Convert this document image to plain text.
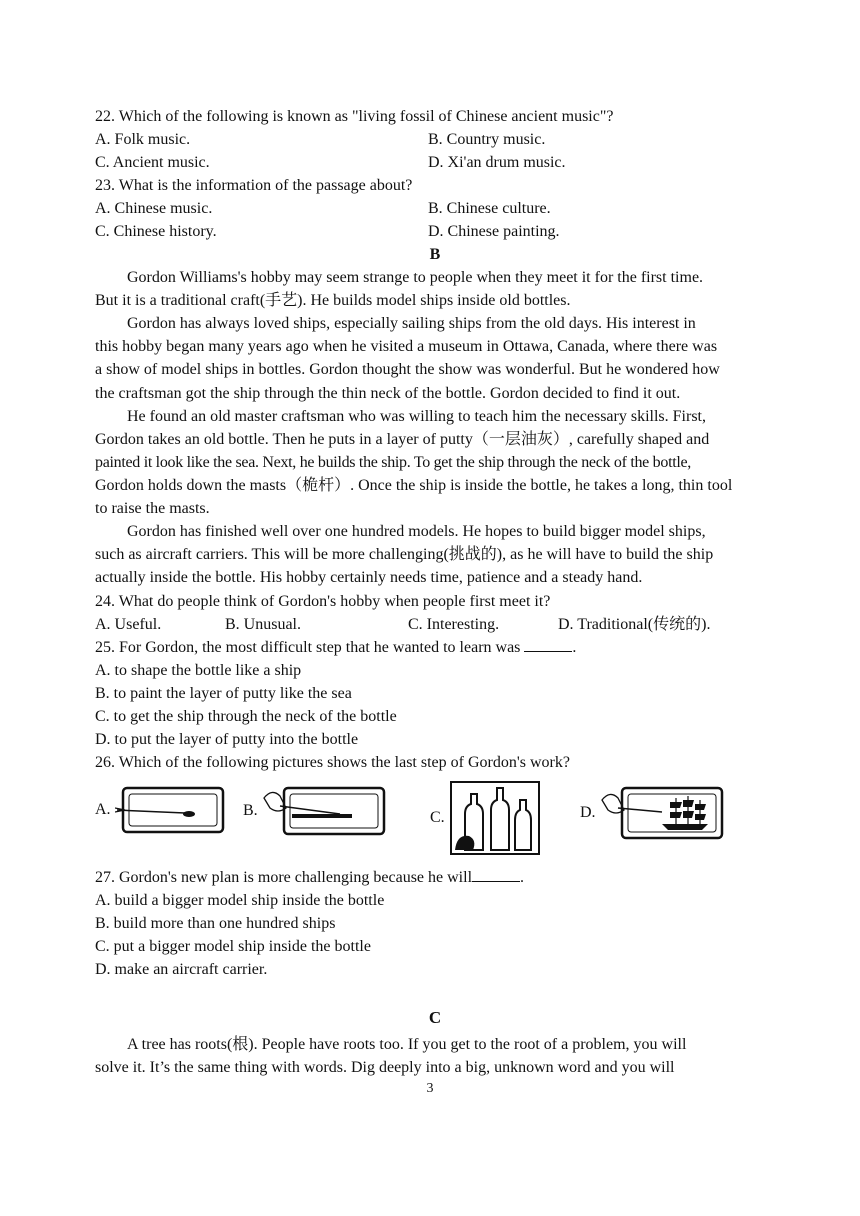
22. Which of the following is known as "living fossil of Chinese ancient music"?
A. Folk music.	B. Country music.
C. Ancient music.	D. Xi'an drum music.
23. What is the information of the passage about?
A. Chinese music.	B. Chinese culture.
C. Chinese history.	D. Chinese painting.
B
Gordon Williams's hobby may seem strange to people when they meet it for the first time.
But it is a traditional craft(手艺). He builds model ships inside old bottles.
Gordon has always loved ships, especially sailing ships from the old days. His interest in
this hobby began many years ago when he visited a museum in Ottawa, Canada, where there was
a show of model ships in bottles. Gordon thought the show was wonderful. But he wondered how
the craftsman got the ship through the thin neck of the bottle. Gordon decided to find it out.
He found an old master craftsman who was willing to teach him the necessary skills. First,
Gordon takes an old bottle. Then he puts in a layer of putty（一层油灰）, carefully shaped and
painted it look like the sea. Next, he builds the ship. To get the ship through the neck of the bottle,
Gordon holds down the masts（桅杆）. Once the ship is inside the bottle, he takes a long, thin tool
to raise the masts.
Gordon has finished well over one hundred models. He hopes to build bigger model ships,
such as aircraft carriers. This will be more challenging(挑战的), as he will have to build the ship
actually inside the bottle. His hobby certainly needs time, patience and a steady hand.
24. What do people think of Gordon's hobby when people first meet it?
A. Useful.	B. Unusual.	C. Interesting.	D. Traditional(传统的).
25. For Gordon, the most difficult step that he wanted to learn was	.
A. to shape the bottle like a ship
B. to paint the layer of putty like the sea
C. to get the ship through the neck of the bottle
D. to put the layer of putty into the bottle
26. Which of the following pictures shows the last step of Gordon's work?
A.	B.	C.	D.
27. Gordon's new plan is more challenging because he will	.
A. build a bigger model ship inside the bottle
B. build more than one hundred ships
C. put a bigger model ship inside the bottle
D. make an aircraft carrier.
C
A tree has roots(根). People have roots too. If you get to the root of a problem, you will
solve it. It’s the same thing with words. Dig deeply into a big, unknown word and you will
3
